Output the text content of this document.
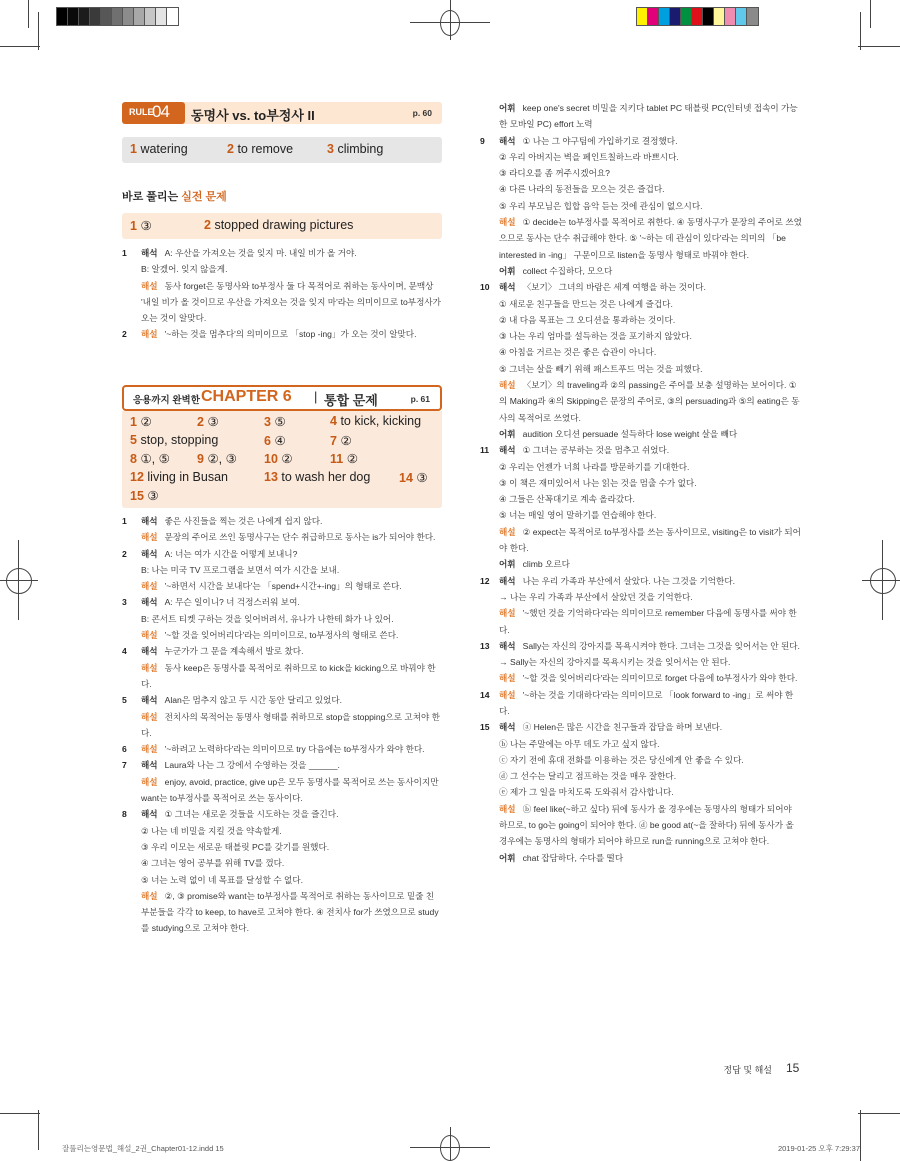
RULE
04 동명사 vs. to부정사 II	p. 60
1 watering	2 to remove	3 climbing
바로 풀리는 실전 문제
1 ③	2 stopped drawing pictures
1 해석 A: 우산을 가져오는 것을 잊지 마. 내일 비가 올 거야.
B: 알겠어. 잊지 않을게.
해설 동사 forget은 동명사와 to부정사 둘 다 목적어로 취하는 동사이며, 문맥상 '내일 비가 올 것이므로 우산을 가져오는 것을 잊지 마'라는 의미이므로 to부정사가 오는 것이 알맞다.
2 해설 '~하는 것을 멈추다'의 의미이므로 「stop -ing」가 오는 것이 알맞다.
응용까지 완벽한 CHAPTER 6 | 통합 문제	p. 61
1 ②	2 ③	3 ⑤	4 to kick, kicking
5 stop, stopping	6 ④	7 ②
8 ①, ⑤ 9 ②, ③ 10 ②	11 ②
12 living in Busan	13 to wash her dog 14 ③
15 ③
1 해석 좋은 사진들을 찍는 것은 나에게 쉽지 않다.
해설 문장의 주어로 쓰인 동명사구는 단수 취급하므로 동사는 is가 되어야 한다.
2 해석 A: 너는 여가 시간을 어떻게 보내니?
B: 나는 미국 TV 프로그램을 보면서 여가 시간을 보내.
해설 '~하면서 시간을 보내다'는 「spend+시간+-ing」의 형태로 쓴다.
3 해석 A: 무슨 일이니? 너 걱정스러워 보여.
B: 콘서트 티켓 구하는 것을 잊어버려서, 유나가 나한테 화가 나 있어.
해설 '~할 것을 잊어버리다'라는 의미이므로, to부정사의 형태로 쓴다.
4 해석 누군가가 그 문을 계속해서 발로 찼다.
해설 동사 keep은 동명사를 목적어로 취하므로 to kick을 kicking으로 바꿔야 한다.
5 해석 Alan은 멈추지 않고 두 시간 동안 달리고 있었다.
해설 전치사의 목적어는 동명사 형태를 취하므로 stop을 stopping으로 고쳐야 한다.
6 해설 '~하려고 노력하다'라는 의미이므로 try 다음에는 to부정사가 와야 한다.
7 해석 Laura와 나는 그 강에서 수영하는 것을 ______.
해설 enjoy, avoid, practice, give up은 모두 동명사를 목적어로 쓰는 동사이지만 want는 to부정사를 목적어로 쓰는 동사이다.
8 해석 ① 그녀는 새로운 것들을 시도하는 것을 즐긴다.
② 나는 네 비밀을 지킬 것을 약속할게.
③ 우리 이모는 새로운 태블릿 PC를 갖기를 원했다.
④ 그녀는 영어 공부를 위해 TV를 껐다.
⑤ 너는 노력 없이 네 목표를 달성할 수 없다.
해설 ②, ③ promise와 want는 to부정사를 목적어로 취하는 동사이므로 밑줄 친 부분들을 각각 to keep, to have로 고쳐야 한다. ④ 전치사 for가 쓰였으므로 study를 studying으로 고쳐야 한다.
어휘 keep one's secret 비밀을 지키다 tablet PC 태블릿 PC(인터넷 접속이 가능한 모바일 PC) effort 노력
9 해석 ① 나는 그 야구팀에 가입하기로 결정했다.
② 우리 아버지는 벽을 페인트칠하느라 바쁘시다.
③ 라디오를 좀 꺼주시겠어요?
④ 다른 나라의 동전들을 모으는 것은 즐겁다.
⑤ 우리 부모님은 힙합 음악 듣는 것에 관심이 없으시다.
해설 ① decide는 to부정사를 목적어로 취한다. ④ 동명사구가 문장의 주어로 쓰였으므로 동사는 단수 취급해야 한다. ⑤ '~하는 데 관심이 있다'라는 의미의 「be interested in -ing」 구문이므로 listen을 동명사 형태로 바꿔야 한다.
어휘 collect 수집하다, 모으다
10 해석 〈보기〉 그녀의 바람은 세계 여행을 하는 것이다.
① 새로운 친구들을 만드는 것은 나에게 즐겁다.
② 내 다음 목표는 그 오디션을 통과하는 것이다.
③ 나는 우리 엄마를 설득하는 것을 포기하지 않았다.
④ 아침을 거르는 것은 좋은 습관이 아니다.
⑤ 그녀는 살을 빼기 위해 패스트푸드 먹는 것을 피했다.
해설 〈보기〉의 traveling과 ②의 passing은 주어를 보충 설명하는 보어이다. ①의 Making과 ④의 Skipping은 문장의 주어로, ③의 persuading과 ⑤의 eating은 동사의 목적어로 쓰였다.
어휘 audition 오디션 persuade 설득하다 lose weight 살을 빼다
11 해석 ① 그녀는 공부하는 것을 멈추고 쉬었다.
② 우리는 언젠가 너희 나라를 방문하기를 기대한다.
③ 이 책은 재미있어서 나는 읽는 것을 멈출 수가 없다.
④ 그들은 산꼭대기로 계속 올라갔다.
⑤ 너는 매일 영어 말하기를 연습해야 한다.
해설 ② expect는 목적어로 to부정사를 쓰는 동사이므로, visiting은 to visit가 되어야 한다.
어휘 climb 오르다
12 해석 나는 우리 가족과 부산에서 살았다. 나는 그것을 기억한다.
→ 나는 우리 가족과 부산에서 살았던 것을 기억한다.
해설 '~했던 것을 기억하다'라는 의미이므로 remember 다음에 동명사를 써야 한다.
13 해석 Sally는 자신의 강아지를 목욕시켜야 한다. 그녀는 그것을 잊어서는 안 된다.
→ Sally는 자신의 강아지를 목욕시키는 것을 잊어서는 안 된다.
해설 '~할 것을 잊어버리다'라는 의미이므로 forget 다음에 to부정사가 와야 한다.
14 해설 '~하는 것을 기대하다'라는 의미이므로 「look forward to -ing」로 써야 한다.
15 해석 ⓐ Helen은 많은 시간을 친구들과 잡담을 하며 보낸다.
ⓑ 나는 주말에는 아무 데도 가고 싶지 않다.
ⓒ 자기 전에 휴대 전화를 이용하는 것은 당신에게 안 좋을 수 있다.
ⓓ 그 선수는 달리고 점프하는 것을 매우 잘한다.
ⓔ 제가 그 일을 마치도록 도와줘서 감사합니다.
해설 ⓑ feel like(~하고 싶다) 뒤에 동사가 올 경우에는 동명사의 형태가 되어야 하므로, to go는 going이 되어야 한다. ⓓ be good at(~을 잘하다) 뒤에 동사가 올 경우에는 동명사의 형태가 되어야 하므로 run을 running으로 고쳐야 한다.
어휘 chat 잡담하다, 수다를 떨다
정답 및 해설 15
잘풀리는영문법_해설_2권_Chapter01-12.indd 15	2019-01-25 오후 7:29:37
